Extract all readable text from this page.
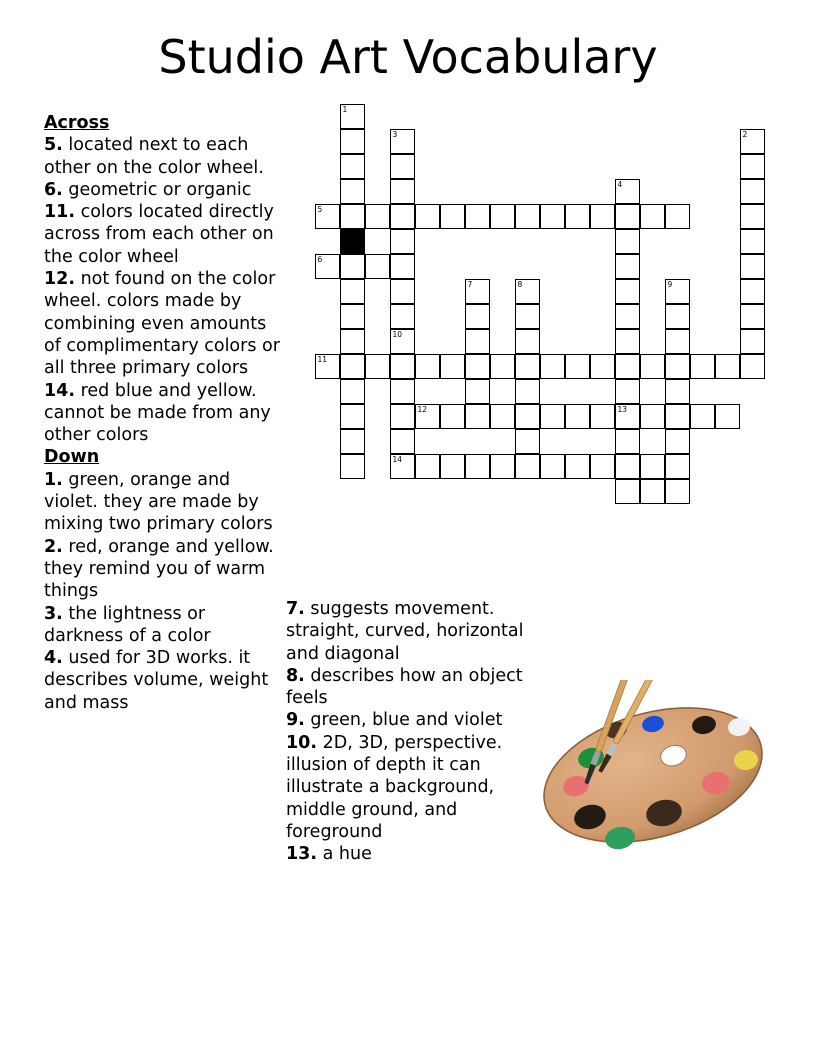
Studio Art Vocabulary
Across
5. located next to each other on the color wheel.
6. geometric or organic
11. colors located directly across from each other on the color wheel
12. not found on the color wheel. colors made by combining even amounts of complimentary colors or all three primary colors
14. red blue and yellow. cannot be made from any other colors
Down
1. green, orange and violet. they are made by mixing two primary colors
2. red, orange and yellow. they remind you of warm things
3. the lightness or darkness of a color
4. used for 3D works. it describes volume, weight and mass
7. suggests movement. straight, curved, horizontal and diagonal
8. describes how an object feels
9. green, blue and violet
10. 2D, 3D, perspective. illusion of depth it can illustrate a background, middle ground, and foreground
13. a hue
1
3	2
4
5
6
7	8	9
10
11
12	13
14
